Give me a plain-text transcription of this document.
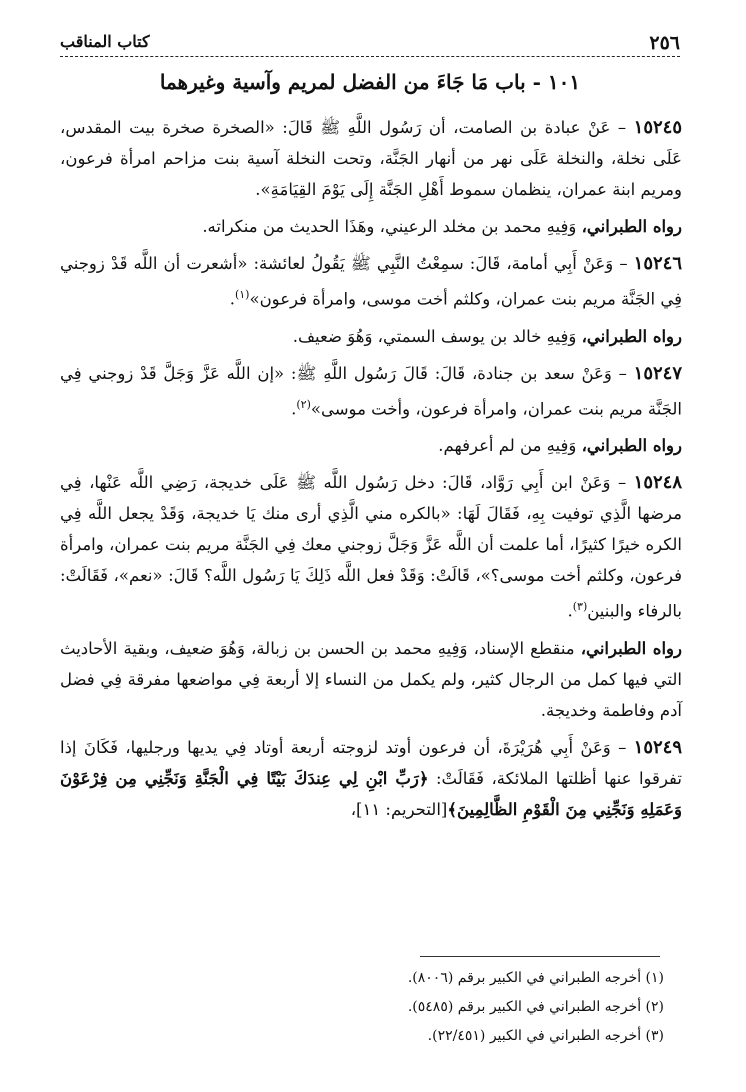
٢٥٦
كتاب المناقب
١٠١ - باب مَا جَاءَ من الفضل لمريم وآسية وغيرهما

١٥٢٤٥ – عَنْ عبادة بن الصامت، أن رَسُول اللَّهِ ﷺ قَالَ: «الصخرة صخرة بيت المقدس، عَلَى نخلة، والنخلة عَلَى نهر من أنهار الجَنَّة، وتحت النخلة آسية بنت مزاحم امرأة فرعون، ومريم ابنة عمران، ينظمان سموط أَهْلِ الجَنَّة إِلَى يَوْمَ القِيَامَةِ».

رواه الطبراني، وَفِيهِ محمد بن مخلد الرعيني، وهَذَا الحديث من منكراته.

١٥٢٤٦ – وَعَنْ أَبِي أمامة، قَالَ: سمِعْتُ النَّبِي ﷺ يَقُولُ لعائشة: «أشعرت أن اللَّه قَدْ زوجني فِي الجَنَّة مريم بنت عمران، وكلثم أخت موسى، وامرأة فرعون»$^{(١)}$.

رواه الطبراني، وَفِيهِ خالد بن يوسف السمتي، وَهُوَ ضعيف.

١٥٢٤٧ – وَعَنْ سعد بن جنادة، قَالَ: قَالَ رَسُول اللَّهِ ﷺ: «إن اللَّه عَزَّ وَجَلَّ قَدْ زوجني فِي الجَنَّة مريم بنت عمران، وامرأة فرعون، وأخت موسى»$^{(٢)}$.

رواه الطبراني، وَفِيهِ من لم أعرفهم.

١٥٢٤٨ – وَعَنْ ابن أَبِي رَوَّاد، قَالَ: دخل رَسُول اللَّه ﷺ عَلَى خديجة، رَضِي اللَّه عَنْها، فِي مرضها الَّذِي توفيت بِهِ، فَقَالَ لَهَا: «بالكره مني الَّذِي أرى منك يَا خديجة، وَقَدْ يجعل اللَّه فِي الكره خيرًا كثيرًا، أما علمت أن اللَّه عَزَّ وَجَلَّ زوجني معك فِي الجَنَّة مريم بنت عمران، وامرأة فرعون، وكلثم أخت موسى؟»، قَالَتْ: وَقَدْ فعل اللَّه ذَلِكَ يَا رَسُول اللَّه؟ قَالَ: «نعم»، فَقَالَتْ: بالرفاء والبنين$^{(٣)}$.

رواه الطبراني، منقطع الإسناد، وَفِيهِ محمد بن الحسن بن زبالة، وَهُوَ ضعيف، وبقية الأحاديث التي فيها كمل من الرجال كثير، ولم يكمل من النساء إلا أربعة فِي مواضعها مفرقة فِي فضل آدم وفاطمة وخديجة.

١٥٢٤٩ – وَعَنْ أَبِي هُرَيْرَةَ، أن فرعون أوتد لزوجته أربعة أوتاد فِي يديها ورجليها، فَكَانَ إذا تفرقوا عنها أظلتها الملائكة، فَقَالَتْ: ﴿رَبِّ ابْنِ لِي عِندَكَ بَيْتًا فِي الْجَنَّةِ وَنَجِّنِي مِن فِرْعَوْنَ وَعَمَلِهِ وَنَجِّنِي مِنَ الْقَوْمِ الظَّالِمِينَ﴾[التحريم: ١١]،

(١) أخرجه الطبراني في الكبير برقم (٨٠٠٦).
(٢) أخرجه الطبراني في الكبير برقم (٥٤٨٥).
(٣) أخرجه الطبراني في الكبير (٢٢/٤٥١).
